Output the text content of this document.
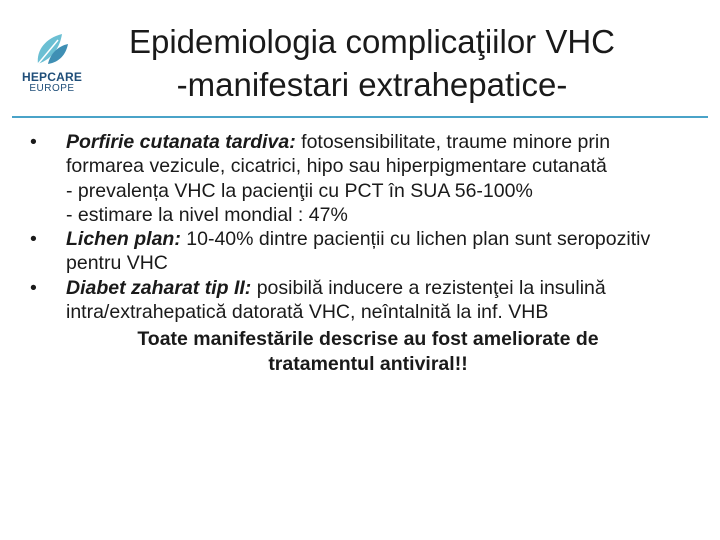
HEPCARE
EUROPE
Epidemiologia complicaţiilor VHC
-manifestari extrahepatice-
• Porfirie cutanata tardiva: fotosensibilitate, traume minore prin formarea vezicule, cicatrici, hipo sau hiperpigmentare cutanată
- prevalența VHC la pacienţii cu PCT în SUA 56-100%
- estimare la nivel mondial : 47%
• Lichen plan: 10-40% dintre pacienții cu lichen plan sunt seropozitiv pentru VHC
• Diabet zaharat tip II: posibilă inducere a rezistenţei la insulină intra/extrahepatică datorată VHC, neîntalnită la inf. VHB
Toate manifestările descrise au fost ameliorate de
tratamentul antiviral!!
